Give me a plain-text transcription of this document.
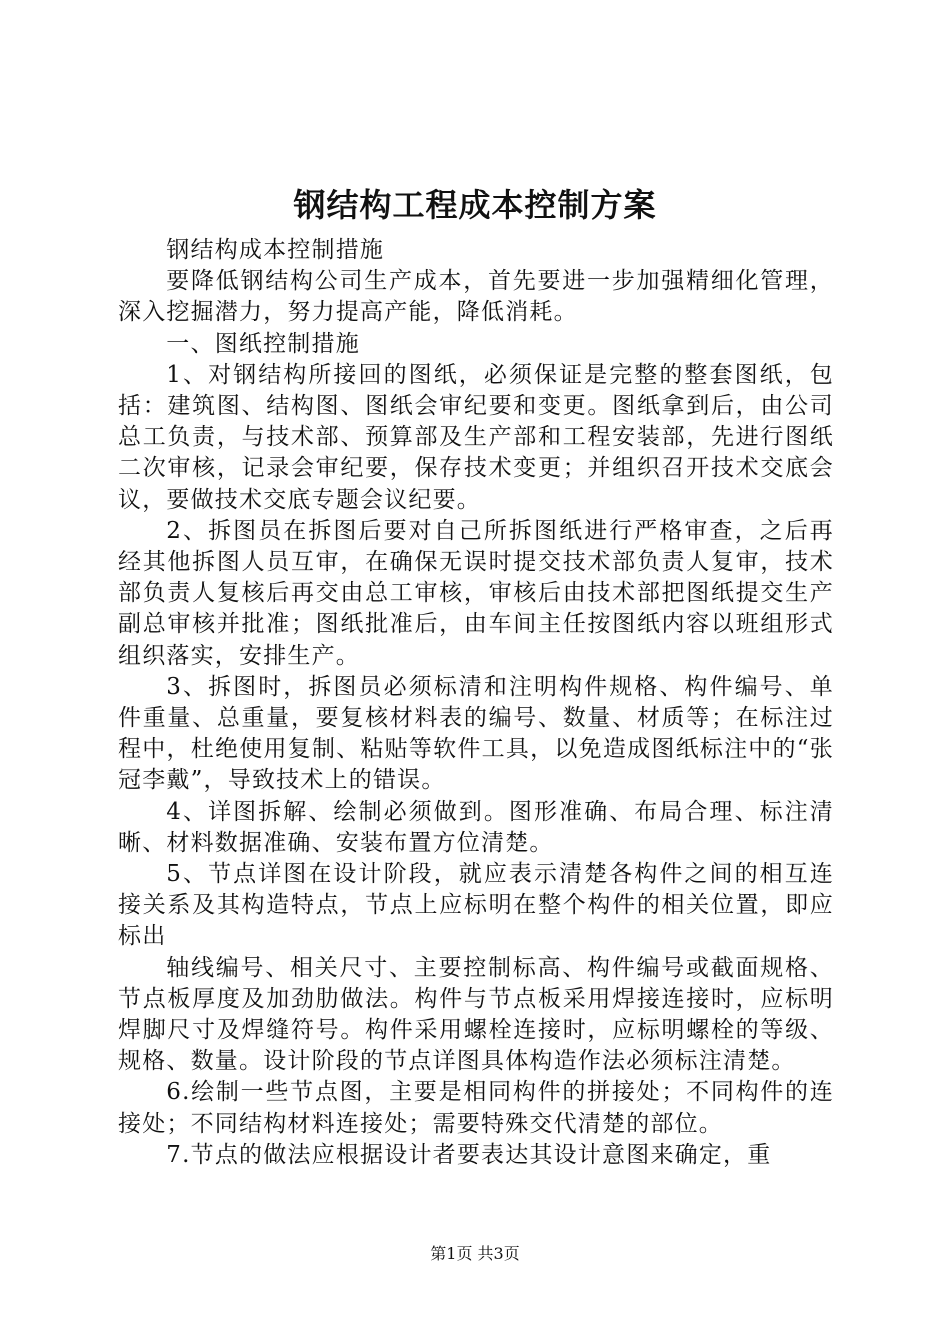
钢结构工程成本控制方案

钢结构成本控制措施

要降低钢结构公司生产成本，首先要进一步加强精细化管理，深入挖掘潜力，努力提高产能，降低消耗。

一、图纸控制措施

1、对钢结构所接回的图纸，必须保证是完整的整套图纸，包括：建筑图、结构图、图纸会审纪要和变更。图纸拿到后，由公司总工负责，与技术部、预算部及生产部和工程安装部，先进行图纸二次审核，记录会审纪要，保存技术变更；并组织召开技术交底会议，要做技术交底专题会议纪要。

2、拆图员在拆图后要对自己所拆图纸进行严格审查，之后再经其他拆图人员互审，在确保无误时提交技术部负责人复审，技术部负责人复核后再交由总工审核，审核后由技术部把图纸提交生产副总审核并批准；图纸批准后，由车间主任按图纸内容以班组形式组织落实，安排生产。

3、拆图时，拆图员必须标清和注明构件规格、构件编号、单件重量、总重量，要复核材料表的编号、数量、材质等；在标注过程中，杜绝使用复制、粘贴等软件工具，以免造成图纸标注中的“张冠李戴”，导致技术上的错误。

4、详图拆解、绘制必须做到。图形准确、布局合理、标注清晰、材料数据准确、安装布置方位清楚。

5、节点详图在设计阶段，就应表示清楚各构件之间的相互连接关系及其构造特点，节点上应标明在整个构件的相关位置，即应标出

轴线编号、相关尺寸、主要控制标高、构件编号或截面规格、节点板厚度及加劲肋做法。构件与节点板采用焊接连接时，应标明焊脚尺寸及焊缝符号。构件采用螺栓连接时，应标明螺栓的等级、规格、数量。设计阶段的节点详图具体构造作法必须标注清楚。

6.绘制一些节点图，主要是相同构件的拼接处；不同构件的连接处；不同结构材料连接处；需要特殊交代清楚的部位。

7.节点的做法应根据设计者要表达其设计意图来确定，重

第1页 共3页
